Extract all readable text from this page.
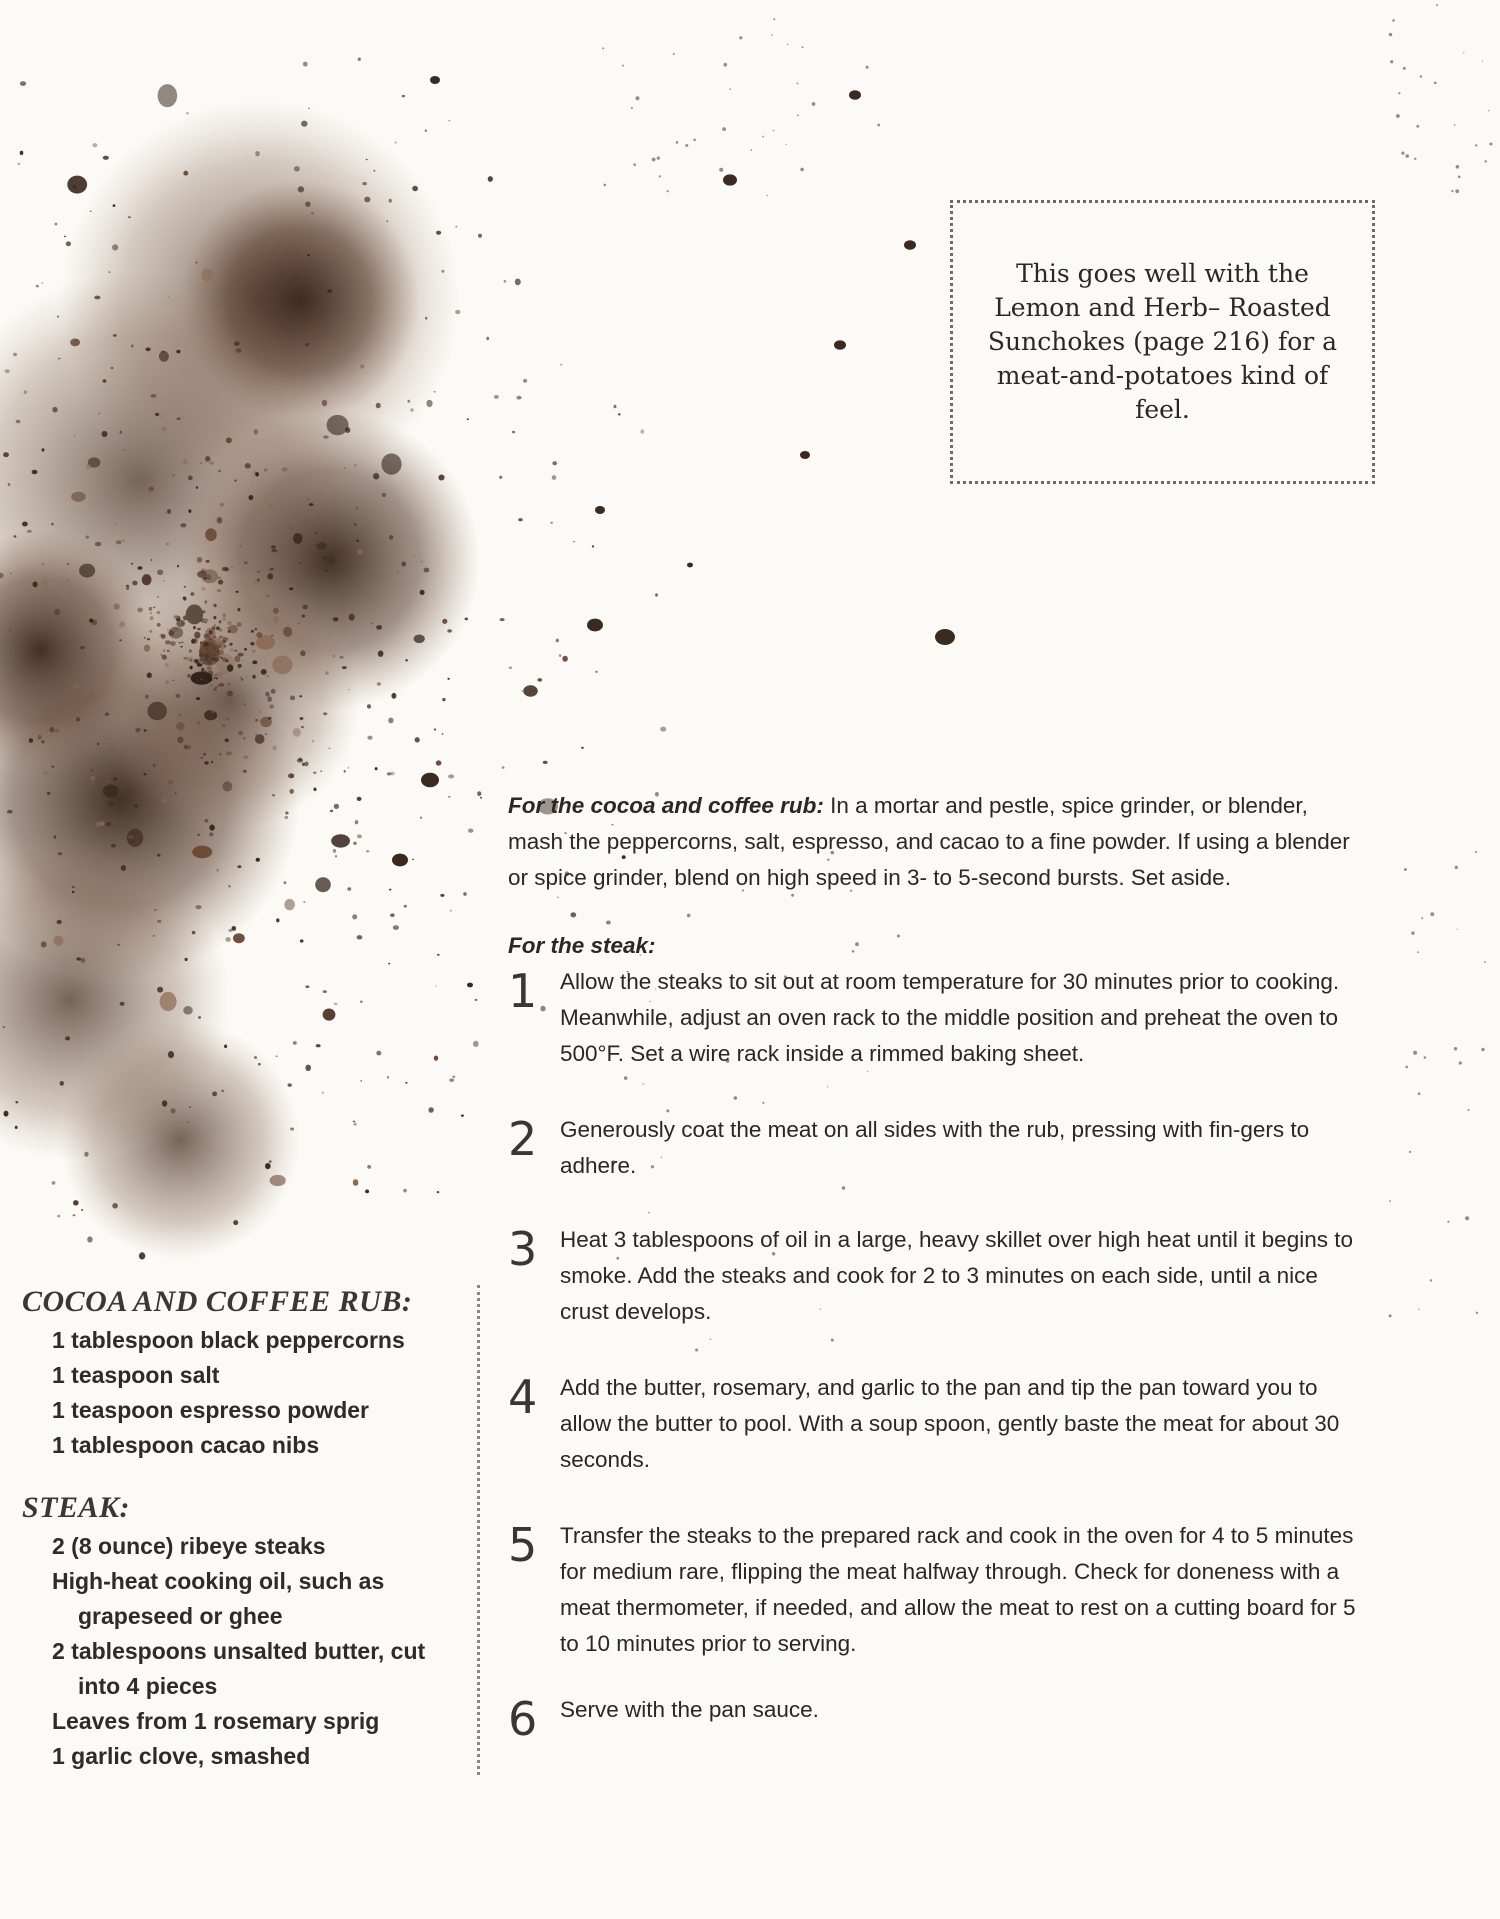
This goes well with the Lemon and Herb– Roasted Sunchokes (page 216) for a meat-and-potatoes kind of feel.
COCOA AND COFFEE RUB:
1 tablespoon black peppercorns
1 teaspoon salt
1 teaspoon espresso powder
1 tablespoon cacao nibs
STEAK:
2 (8 ounce) ribeye steaks
High-heat cooking oil, such as grapeseed or ghee
2 tablespoons unsalted butter, cut into 4 pieces
Leaves from 1 rosemary sprig
1 garlic clove, smashed

For the cocoa and coffee rub: In a mortar and pestle, spice grinder, or blender, mash the peppercorns, salt, espresso, and cacao to a fine powder. If using a blender or spice grinder, blend on high speed in 3- to 5-second bursts. Set aside.

For the steak:
1 Allow the steaks to sit out at room temperature for 30 minutes prior to cooking. Meanwhile, adjust an oven rack to the middle position and preheat the oven to 500°F. Set a wire rack inside a rimmed baking sheet.
2 Generously coat the meat on all sides with the rub, pressing with fin-gers to adhere.
3 Heat 3 tablespoons of oil in a large, heavy skillet over high heat until it begins to smoke. Add the steaks and cook for 2 to 3 minutes on each side, until a nice crust develops.
4 Add the butter, rosemary, and garlic to the pan and tip the pan toward you to allow the butter to pool. With a soup spoon, gently baste the meat for about 30 seconds.
5 Transfer the steaks to the prepared rack and cook in the oven for 4 to 5 minutes for medium rare, flipping the meat halfway through. Check for doneness with a meat thermometer, if needed, and allow the meat to rest on a cutting board for 5 to 10 minutes prior to serving.
6 Serve with the pan sauce.
